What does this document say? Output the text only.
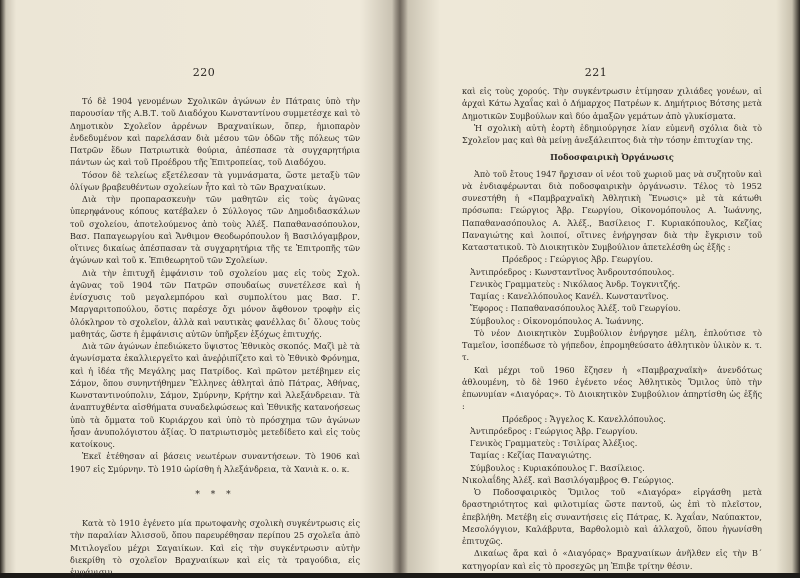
220

Τό δὲ 1904 γενομένων Σχολικῶν ἀγώνων ἐν Πάτραις ὑπὸ τὴν παρουσίαν τῆς Α.Β.Τ. τοῦ Διαδόχου Κωνσταντίνου συμμετέσχε καὶ τὸ Δημοτικὸν Σχολεῖον ἀρρένων Βραχναιίκων, ὅπερ, ἡμιοπαρὸν ἐνδεδυμένον καὶ παρελάσαν διὰ μέσου τῶν ὁδῶν τῆς πόλεως τῶν Πατρῶν ἔδων Πατριωτικὰ θούρια, ἀπέσπασε τὰ συγχαρητήρια πάντων ὡς καὶ τοῦ Προέδρου τῆς Ἐπιτροπείας, τοῦ Διαδόχου.

Τόσον δὲ τελείως εξετέλεσαν τὰ γυμνάσματα, ὥστε μεταξὺ τῶν ὀλίγων βραβευθέντων σχολείων ἦτο καὶ τὸ τῶν Βραχναιίκων.

Διὰ τὴν προπαρασκευὴν τῶν μαθητῶν εἰς τοὺς ἀγῶνας ὑπερηφάνους κόπους κατέβαλεν ὁ Σύλλογος τῶν Δημοδιδασκάλων τοῦ σχολείου, ἀποτελούμενος ἀπὸ τοὺς Ἀλέξ. Παπαθανασόπουλον, Βασ. Παπαγεωργίου καὶ Ἄνθιμον Θεοδωρόπουλον ἢ Βασιλόγαμβρον, οἵτινες δικαίως ἀπέσπασαν τὰ συγχαρητήρια τῆς τε Ἐπιτροπῆς τῶν ἀγώνων καὶ τοῦ κ. Ἐπιθεωρητοῦ τῶν Σχολείων.

Διὰ τὴν ἐπιτυχῆ ἐμφάνισιν τοῦ σχολείου μας εἰς τοὺς Σχολ. ἀγῶνας τοῦ 1904 τῶν Πατρῶν σπουδαίως συνετέλεσε καὶ ἡ ἐνίσχυσις τοῦ μεγαλεμπόρου καὶ συμπολίτου μας Βασ. Γ. Μαργαριτοπούλου, ὅστις παρέσχε ὄχι μόνον ἄφθονον τροφὴν εἰς ὁλόκληρον τὸ σχολεῖον, ἀλλὰ καὶ ναυτικὰς φανέλλας δι᾽ ὅλους τοὺς μαθητάς, ὥστε ἡ ἐμφάνισις αὐτῶν ὑπῆρξεν ἐξόχως ἐπιτυχής.

Διὰ τῶν ἀγώνων ἐπεδιώκετο ὕψιστος Ἐθνικὸς σκοπός. Μαζὶ μὲ τὰ ἀγωνίσματα ἐκαλλιεργεῖτο καὶ ἀνεῤῥιπίζετο καὶ τὸ Ἐθνικὸ Φρόνημα, καὶ ἡ ἰδέα τῆς Μεγάλης μας Πατρίδος. Καὶ πρῶτον μετέβημεν εἰς Σάμον, ὅπου συνηντήθημεν Ἕλληνες ἀθληταὶ ἀπὸ Πάτρας, Ἀθήνας, Κωνσταντινούπολιν, Σάμον, Σμύρνην, Κρήτην καὶ Ἀλεξάνδρειαν. Τὰ ἀναπτυχθέντα αἰσθήματα συναδελφώσεως καὶ Ἐθνικῆς κατανοήσεως ὑπὸ τὰ ὄμματα τοῦ Κυριάρχου καὶ ὑπὸ τὸ πρόσχημα τῶν ἀγώνων ἦσαν ἀνυπολόγιστου ἀξίας. Ὁ πατριωτισμὸς μετεδίδετο καὶ εἰς τοὺς κατοίκους.

Ἐκεῖ ἐτέθησαν αἱ βάσεις νεωτέρων συναντήσεων. Τὸ 1906 καὶ 1907 εἰς Σμύρνην. Τὸ 1910 ὡρίσθη ἡ Ἀλεξάνδρεια, τὰ Χανιὰ κ. ο. κ.

* * *

Κατὰ τὸ 1910 ἐγένετο μία πρωτοφανὴς σχολικὴ συγκέντρωσις εἰς τὴν παραλίαν Ἀλισσοῦ, ὅπου παρευρέθησαν περίπου 25 σχολεῖα ἀπὸ Μιτιλογεῖου μέχρι Σαγαιίκων. Καὶ εἰς τὴν συγκέντρωσιν αὐτὴν διεκρίθη τὸ σχολεῖον Βραχναιίκων καὶ εἰς τὰ τραγούδια, εἰς ἐμφάνισιν

221

καὶ εἰς τοὺς χορούς. Τὴν συγκέντρωσιν ἐτίμησαν χιλιάδες γονέων, αἱ ἀρχαὶ Κάτω Ἀχαΐας καὶ ὁ Δήμαρχος Πατρέων κ. Δημήτριος Βότσης μετὰ Δημοτικῶν Συμβούλων καὶ δύο ἁμαξῶν γεμάτων ἀπὸ γλυκίσματα.

Ἡ σχολικὴ αὐτὴ ἑορτὴ ἐδημιούργησε λίαν εὐμενῆ σχόλια διὰ τὸ Σχολεῖον μας καὶ θὰ μείνῃ ἀνεξάλειπτος διὰ τὴν τόσην ἐπιτυχίαν της.

Ποδοσφαιρικὴ Ὀργάνωσις

Ἀπὸ τοῦ ἔτους 1947 ἤρχισαν οἱ νέοι τοῦ χωριοῦ μας νὰ συζητοῦν καὶ νὰ ἐνδιαφέρωνται διὰ ποδοσφαιρικὴν ὀργάνωσιν. Τέλος τὸ 1952 συνεστήθη ἡ «Παμβραχναϊκὴ Ἀθλητικὴ Ἕνωσις» μὲ τὰ κάτωθι πρόσωπα: Γεώργιος Ἀβρ. Γεωργίου, Οἰκονομόπουλος Α. Ἰωάννης, Παπαθανασόπουλος Α. Ἀλέξ., Βασίλειος Γ. Κυριακόπουλος, Κεζίας Παναγιώτης καὶ λοιποί, οἵτινες ἐνήργησαν διὰ τὴν ἔγκρισιν τοῦ Καταστατικοῦ. Τὸ Διοικητικὸν Συμβούλιον ἀπετελέσθη ὡς ἑξῆς :

Πρόεδρος : Γεώργιος Ἀβρ. Γεωργίου.

Ἀντιπρόεδρος : Κωνσταντῖνος Ἀνδρουτσόπουλος.

Γενικὸς Γραμματεὺς : Νικόλαος Ἀνδρ. Τογκνιτζής.

Ταμίας : Κανελλόπουλος Κανέλ. Κωνσταντῖνος.

Ἔφορος : Παπαθανασόπουλος Ἀλέξ. τοῦ Γεωργίου.

Σύμβουλος : Οἰκονομόπουλος Α. Ἰωάννης.

Τὸ νέον Διοικητικὸν Συμβούλιον ἐνήργησε μέλη, ἐπλούτισε τὸ Ταμεῖον, ἰσοπέδωσε τὸ γήπεδον, ἐπρομηθεύσατο ἀθλητικὸν ὑλικὸν κ. τ. τ.

Καὶ μέχρι τοῦ 1960 ἔζησεν ἡ «Παμβραχναϊκὴ» ἀνενδότως ἀθλουμένη, τὸ δὲ 1960 ἐγένετο νέος Ἀθλητικὸς Ὅμιλος ὑπὸ τὴν ἐπωνυμίαν «Διαγόρας». Τὸ Διοικητικὸν Συμβούλιον ἀπηρτίσθη ὡς ἑξῆς :

Πρόεδρος : Ἄγγελος Κ. Κανελλόπουλος.

Ἀντιπρόεδρος : Γεώργιος Ἀβρ. Γεωργίου.

Γενικὸς Γραμματεὺς : Τσιλίρας Ἀλέξιος.

Ταμίας : Κεζίας Παναγιώτης.

Σύμβουλος : Κυριακόπουλος Γ. Βασίλειος.

Νικολαΐδης Ἀλέξ. καὶ Βασιλόγαμβρος Θ. Γεώργιος.

Ὁ Ποδοσφαιρικὸς Ὅμιλος τοῦ «Διαγόρα» εἰργάσθη μετὰ δραστηριότητος καὶ φιλοτιμίας ὥστε παντοῦ, ὡς ἐπὶ τὸ πλεῖστον, ἐπεβλήθη. Μετέβη εἰς συναντήσεις εἰς Πάτρας, Κ. Ἀχαΐαν, Ναύπακτον, Μεσολόγγιον, Καλάβρυτα, Βαρθολομιὸ καὶ ἀλλαχοῦ, ὅπου ἠγωνίσθη ἐπιτυχῶς.

Δικαίως ἄρα καὶ ὁ «Διαγόρας» Βραχναιίκων ἀνῆλθεν εἰς τὴν Β´ κατηγορίαν καὶ εἰς τὸ προσεχῶς μη Ἐπιβε τρίτην θέσιν.
